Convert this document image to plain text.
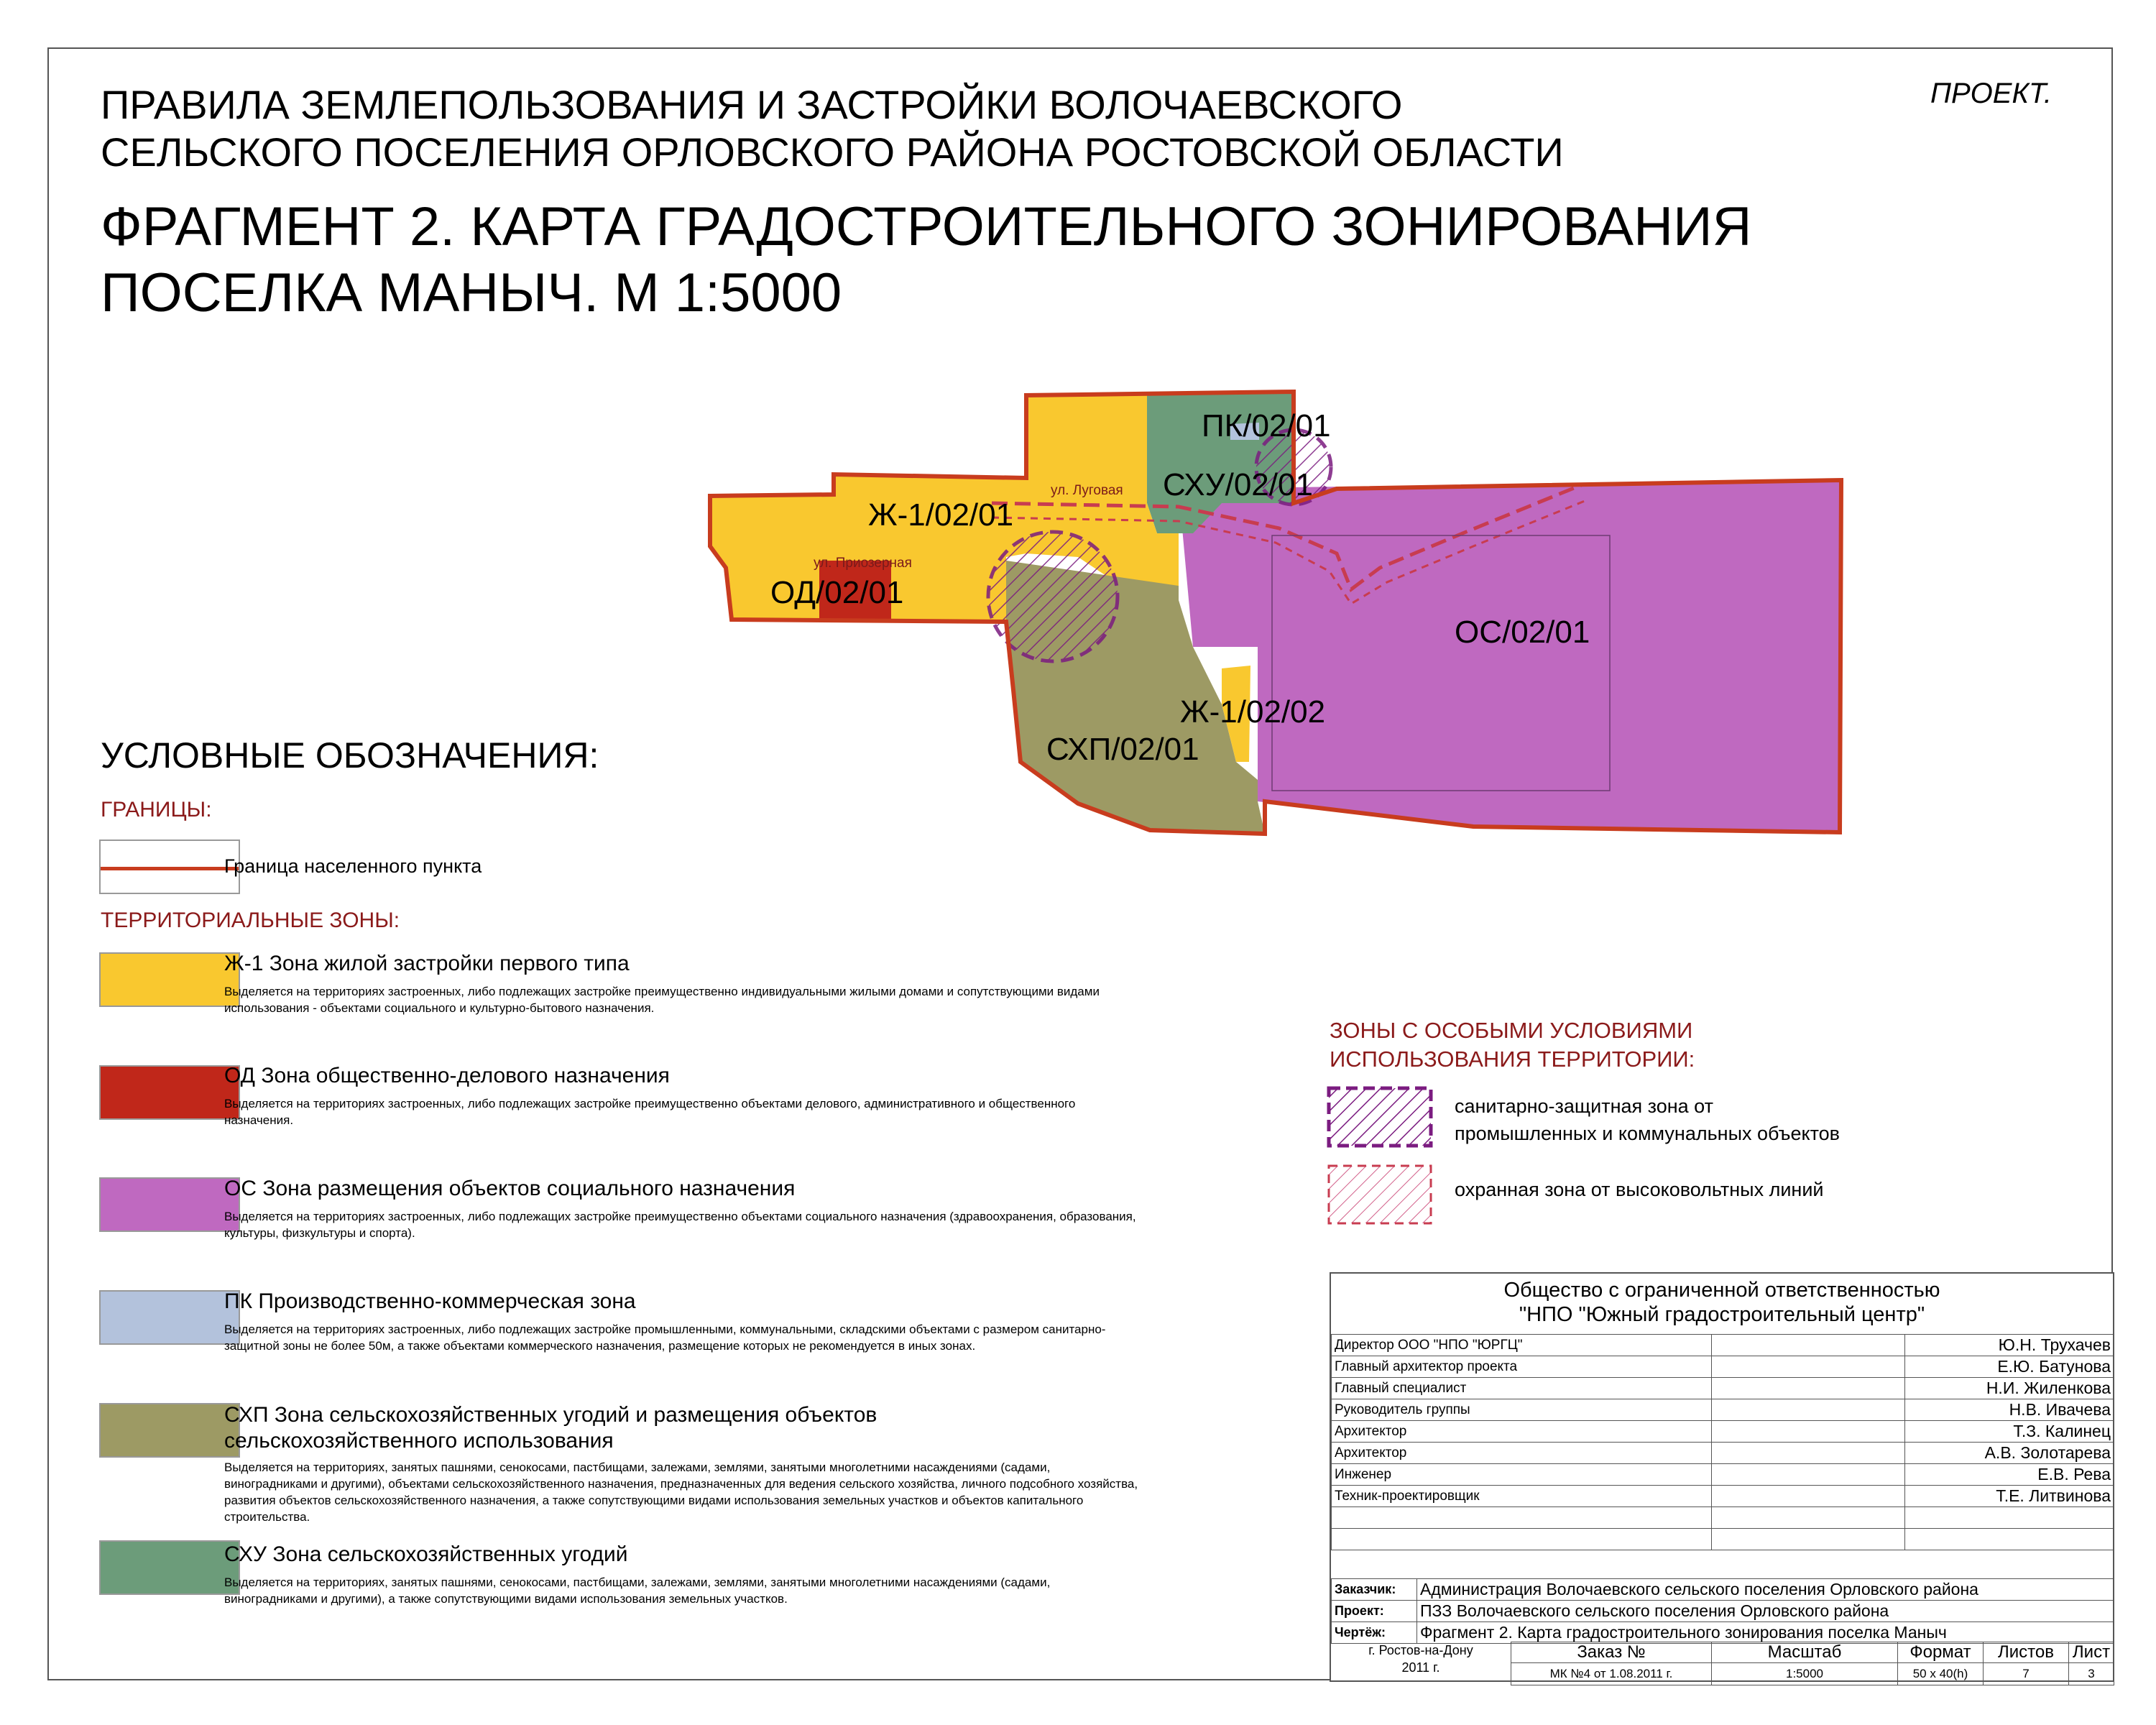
ПРАВИЛА ЗЕМЛЕПОЛЬЗОВАНИЯ И ЗАСТРОЙКИ ВОЛОЧАЕВСКОГО
СЕЛЬСКОГО ПОСЕЛЕНИЯ ОРЛОВСКОГО РАЙОНА РОСТОВСКОЙ ОБЛАСТИ
ФРАГМЕНТ 2. КАРТА ГРАДОСТРОИТЕЛЬНОГО ЗОНИРОВАНИЯ
ПОСЕЛКА МАНЫЧ. М 1:5000
ПРОЕКТ.
ПК/02/01
СХУ/02/01
Ж-1/02/01
ОД/02/01
ОС/02/01
Ж-1/02/02
СХП/02/01
ул. Луговая
ул. Приозерная
УСЛОВНЫЕ ОБОЗНАЧЕНИЯ:
ГРАНИЦЫ:
Граница населенного пункта
ТЕРРИТОРИАЛЬНЫЕ ЗОНЫ:
Ж-1 Зона жилой застройки первого типа
Выделяется на территориях застроенных, либо подлежащих застройке преимущественно индивидуальными жилыми домами и сопутствующими видами использования - объектами социального и культурно-бытового назначения.
ОД Зона общественно-делового назначения
Выделяется на территориях застроенных, либо подлежащих застройке преимущественно объектами делового, административного и общественного назначения.
ОС Зона размещения объектов социального назначения
Выделяется на территориях застроенных, либо подлежащих застройке преимущественно объектами социального назначения (здравоохранения, образования, культуры, физкультуры и спорта).
ПК Производственно-коммерческая зона
Выделяется на территориях застроенных, либо подлежащих застройке промышленными, коммунальными, складскими объектами с размером санитарно-защитной зоны не более 50м, а также объектами коммерческого назначения, размещение которых не рекомендуется в иных зонах.
СХП Зона сельскохозяйственных угодий и размещения объектов
сельскохозяйственного использования
Выделяется на территориях, занятых пашнями, сенокосами, пастбищами, залежами, землями, занятыми многолетними насаждениями (садами, виноградниками и другими), объектами сельскохозяйственного назначения, предназначенных для ведения сельского хозяйства, личного подсобного хозяйства, развития объектов сельскохозяйственного назначения, а также сопутствующими видами использования земельных участков и объектов капитального строительства.
СХУ Зона сельскохозяйственных угодий
Выделяется на территориях, занятых пашнями, сенокосами, пастбищами, залежами, землями, занятыми многолетними насаждениями (садами, виноградниками и другими), а также сопутствующими видами использования земельных участков.
ЗОНЫ С ОСОБЫМИ УСЛОВИЯМИ
ИСПОЛЬЗОВАНИЯ ТЕРРИТОРИИ:
санитарно-защитная зона от
промышленных и коммунальных объектов
охранная зона от высоковольтных линий
Общество с ограниченной ответственностью
"НПО "Южный градостроительный центр"
Директор ООО "НПО "ЮРГЦ"		Ю.Н. Трухачев
Главный архитектор проекта		Е.Ю. Батунова
Главный специалист		Н.И. Жиленкова
Руководитель группы		Н.В. Ивачева
Архитектор		Т.З. Калинец
Архитектор		А.В. Золотарева
Инженер		Е.В. Рева
Техник-проектировщик		Т.Е. Литвинова

Заказчик:	Администрация Волочаевского сельского поселения Орловского района
Проект:	ПЗЗ Волочаевского сельского поселения Орловского района
Чертёж:	Фрагмент 2. Карта градостроительного зонирования поселка Маныч
г. Ростов-на-Дону
2011 г.
Заказ №	Масштаб	Формат	Листов	Лист
МК №4 от 1.08.2011 г.	1:5000	50 x 40(h)	7	3
